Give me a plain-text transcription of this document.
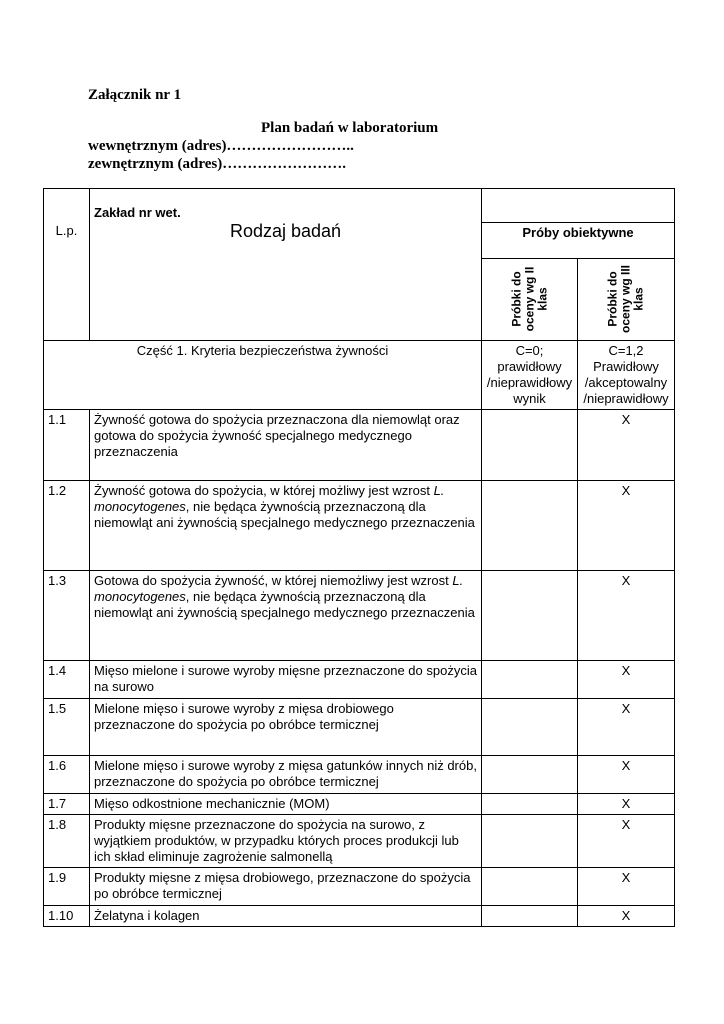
Załącznik nr 1
Plan badań w laboratorium
wewnętrznym (adres)……………………..
zewnętrznym (adres)…………………….
L.p.	Zakład nr wet.
Rodzaj badań		

		Próby obiektywne	

		Próbki do oceny wg II klas	Próbki do oceny wg III klas

Część 1. Kryteria bezpieczeństwa żywności		C=0; prawidłowy /nieprawidłowy wynik	C=1,2 Prawidłowy /akceptowalny /nieprawidłowy
1.1	Żywność gotowa do spożycia przeznaczona dla niemowląt oraz gotowa do spożycia żywność specjalnego medycznego przeznaczenia		X
1.2	Żywność gotowa do spożycia, w której możliwy jest wzrost L. monocytogenes, nie będąca żywnością przeznaczoną dla niemowląt ani żywnością specjalnego medycznego przeznaczenia		X
1.3	Gotowa do spożycia żywność, w której niemożliwy jest wzrost L. monocytogenes, nie będąca żywnością przeznaczoną dla niemowląt ani żywnością specjalnego medycznego przeznaczenia		X
1.4	Mięso mielone i surowe wyroby mięsne przeznaczone do spożycia na surowo		X
1.5	Mielone mięso i surowe wyroby z mięsa drobiowego przeznaczone do spożycia po obróbce termicznej		X
1.6	Mielone mięso i surowe wyroby z mięsa gatunków innych niż drób, przeznaczone do spożycia po obróbce termicznej		X
1.7	Mięso odkostnione mechanicznie (MOM)		X
1.8	Produkty mięsne przeznaczone do spożycia na surowo, z wyjątkiem produktów, w przypadku których proces produkcji lub ich skład eliminuje zagrożenie salmonellą		X
1.9	Produkty mięsne z mięsa drobiowego, przeznaczone do spożycia po obróbce termicznej		X
1.10	Żelatyna i kolagen		X
